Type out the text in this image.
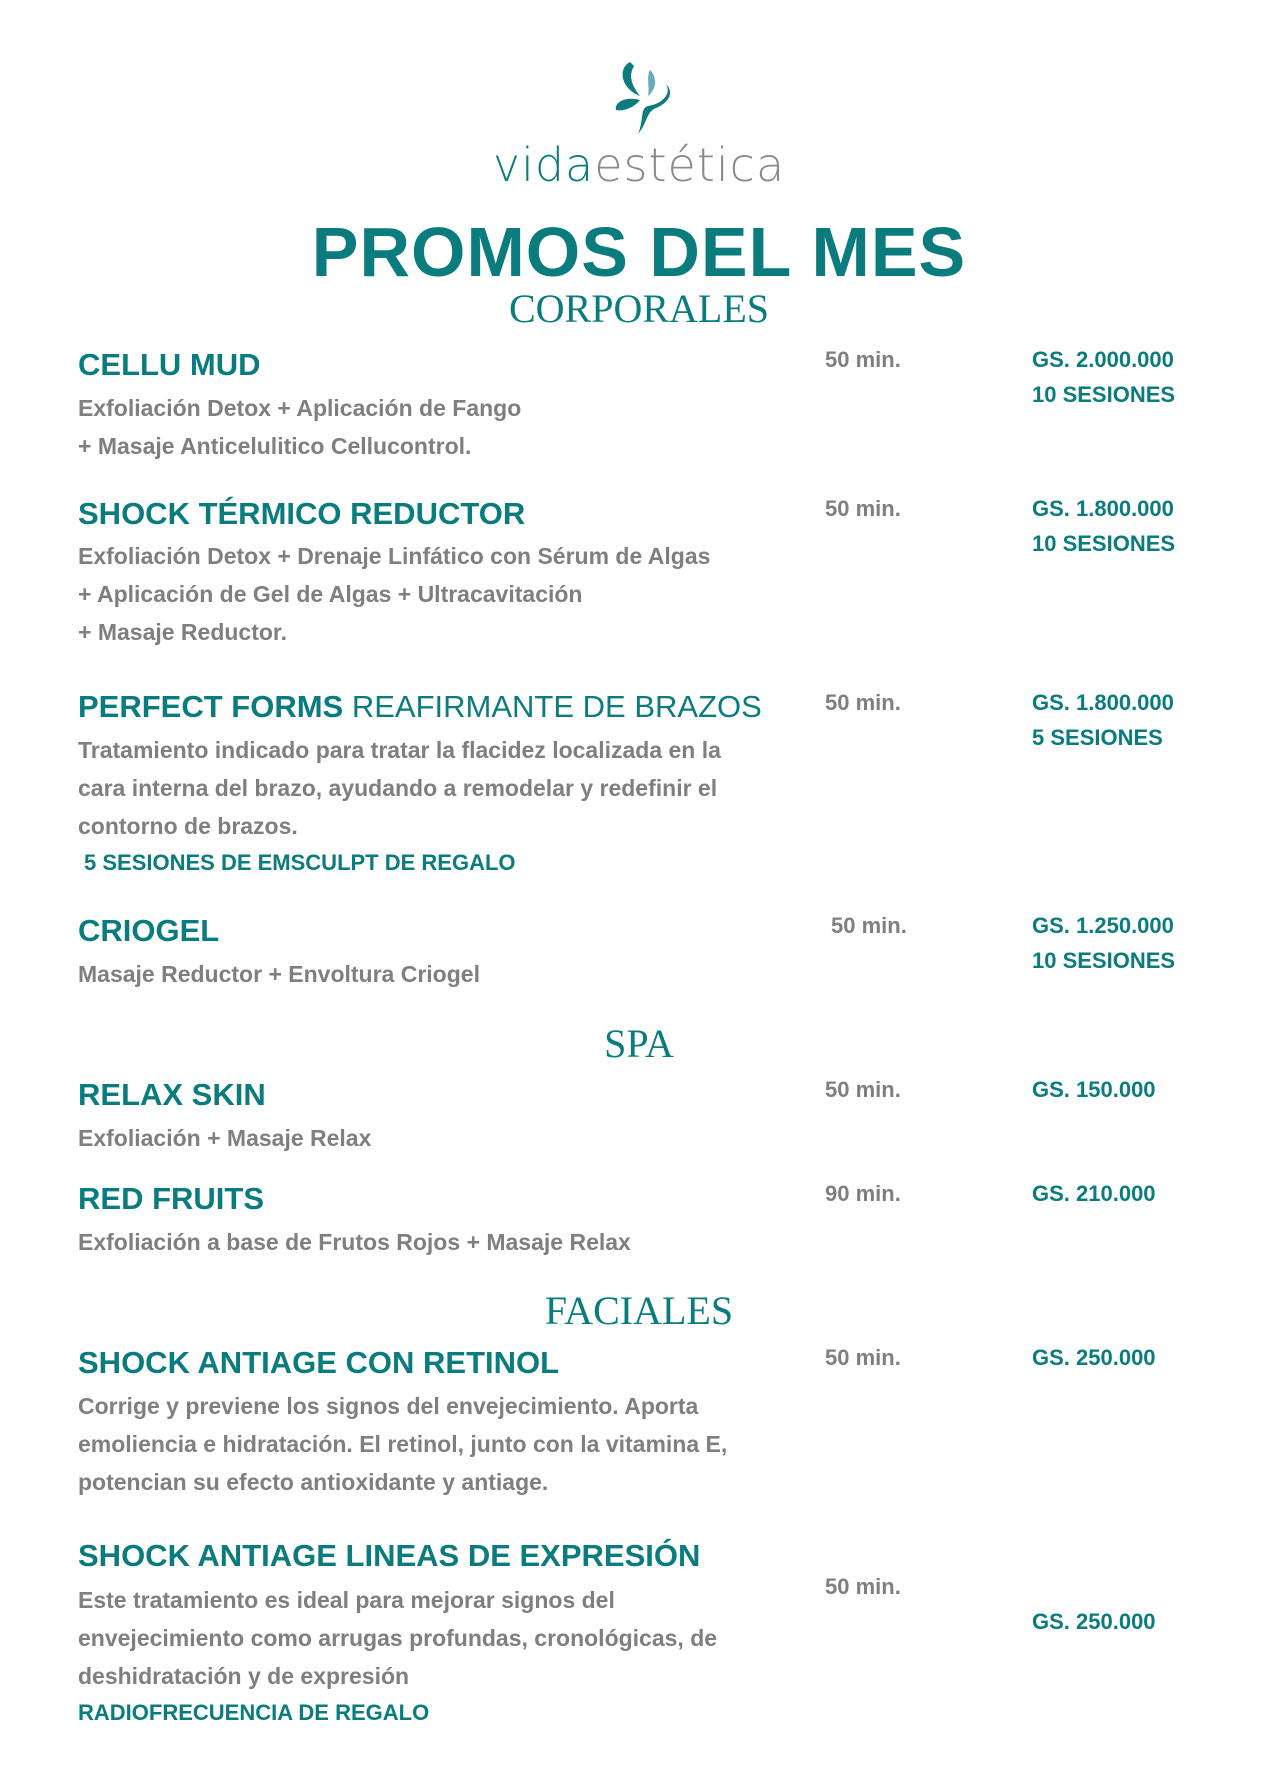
vidaestética
PROMOS DEL MES
CORPORALES
CELLU MUD
Exfoliación Detox + Aplicación de Fango
+ Masaje Anticelulitico Cellucontrol.
50 min.	GS. 2.000.000
10 SESIONES
SHOCK TÉRMICO REDUCTOR
Exfoliación Detox + Drenaje Linfático con Sérum de Algas
+ Aplicación de Gel de Algas + Ultracavitación
+ Masaje Reductor.
50 min.	GS. 1.800.000
10 SESIONES
PERFECT FORMS REAFIRMANTE DE BRAZOS
Tratamiento indicado para tratar la flacidez localizada en la
cara interna del brazo, ayudando a remodelar y redefinir el
contorno de brazos.
5 SESIONES DE EMSCULPT DE REGALO
50 min.	GS. 1.800.000
5 SESIONES
CRIOGEL
Masaje Reductor + Envoltura Criogel
50 min.	GS. 1.250.000
10 SESIONES
SPA
RELAX SKIN
Exfoliación + Masaje Relax
50 min.	GS. 150.000
RED FRUITS
Exfoliación a base de Frutos Rojos + Masaje Relax
90 min.	GS. 210.000
FACIALES
SHOCK ANTIAGE CON RETINOL
Corrige y previene los signos del envejecimiento. Aporta
emoliencia e hidratación. El retinol, junto con la vitamina E,
potencian su efecto antioxidante y antiage.
50 min.	GS. 250.000
SHOCK ANTIAGE LINEAS DE EXPRESIÓN
Este tratamiento es ideal para mejorar signos del
envejecimiento como arrugas profundas, cronológicas, de
deshidratación y de expresión
RADIOFRECUENCIA DE REGALO
50 min.
GS. 250.000
